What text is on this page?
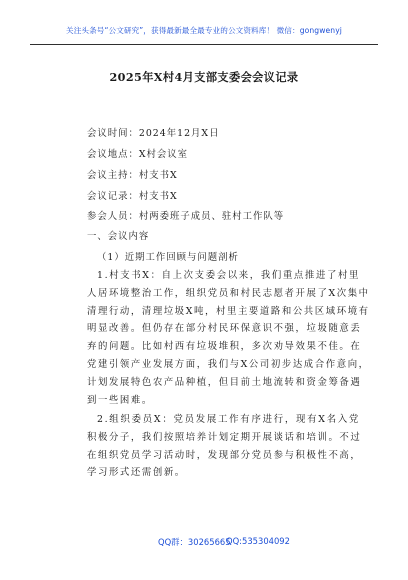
关注头条号“公文研究”，获得最新最全最专业的公文资料库！ 微信：gongwenyj
2025年X村4月支部支委会会议记录
会议时间：2024年12月X日
会议地点：X村会议室
会议主持：村支书X
会议记录：村支书X
参会人员：村两委班子成员、驻村工作队等
一、会议内容
（1）近期工作回顾与问题剖析
1.村支书X：自上次支委会以来，我们重点推进了村里
人居环境整治工作，组织党员和村民志愿者开展了X次集中
清理行动，清理垃圾X吨，村里主要道路和公共区域环境有
明显改善。但仍存在部分村民环保意识不强，垃圾随意丢
弃的问题。比如村西有垃圾堆积，多次劝导效果不佳。在
党建引领产业发展方面，我们与X公司初步达成合作意向，
计划发展特色农产品种植，但目前土地流转和资金筹备遇
到一些困难。
2.组织委员X：党员发展工作有序进行，现有X名入党
积极分子，我们按照培养计划定期开展谈话和培训。不过
在组织党员学习活动时，发现部分党员参与积极性不高，
学习形式还需创新。
QQ群：30265665
QQ:535304092
